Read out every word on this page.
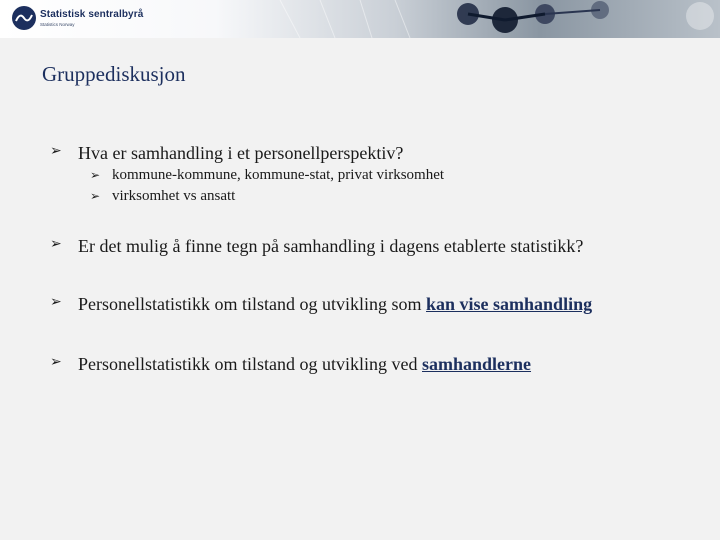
Statistisk sentralbyrå
Statistics Norway
Gruppediskusjon
➢ Hva er samhandling i et personellperspektiv?
➢ kommune-kommune, kommune-stat, privat virksomhet
➢ virksomhet vs ansatt
➢ Er det mulig å finne tegn på samhandling i dagens etablerte statistikk?
➢ Personellstatistikk om tilstand og utvikling som kan vise samhandling
➢ Personellstatistikk om tilstand og utvikling ved samhandlerne
